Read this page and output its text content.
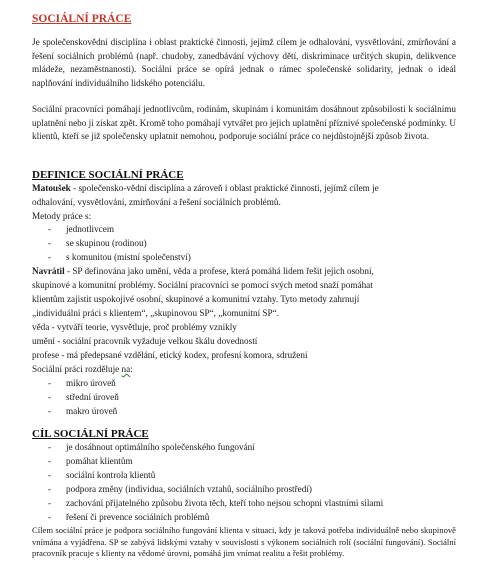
SOCIÁLNÍ PRÁCE

Je společenskovědní disciplína i oblast praktické činnosti, jejímž cílem je odhalování, vysvětlování, zmírňování a řešení sociálních problémů (např. chudoby, zanedbávání výchovy dětí, diskriminace určitých skupin, delikvence mládeže, nezaměstnanosti). Sociální práce se opírá jednak o rámec společenské solidarity, jednak o ideál naplňování individuálního lidského potenciálu.

Sociální pracovníci pomáhají jednotlivcům, rodinám, skupinám i komunitám dosáhnout způsobilosti k sociálnímu uplatnění nebo ji získat zpět. Kromě toho pomáhají vytvářet pro jejich uplatnění příznivé společenské podmínky. U klientů, kteří se již společensky uplatnit nemohou, podporuje sociální práce co nejdůstojnější způsob života.

DEFINICE SOCIÁLNÍ PRÁCE
Matoušek - společensko-vědní disciplína a zároveň i oblast praktické činnosti, jejímž cílem je
odhalování, vysvětlování, zmírňování a řešení sociálních problémů.
Metody práce s:
- jednotlivcem
- se skupinou (rodinou)
- s komunitou (místní společenství)
Navrátil - SP definována jako umění, věda a profese, která pomáhá lidem řešit jejich osobní,
skupinové a komunitní problémy. Sociální pracovníci se pomocí svých metod snaží pomáhat
klientům zajistit uspokojivé osobní, skupinové a komunitní vztahy. Tyto metody zahrnují
„individuální práci s klientem“, „skupinovou SP“, „komunitní SP“.
věda - vytváří teorie, vysvětluje, proč problémy vznikly
umění - sociální pracovník vyžaduje velkou škálu dovedností
profese - má předepsané vzdělání, etický kodex, profesní komora, sdružení
Sociální práci rozděluje na:
- mikro úroveň
- střední úroveň
- makro úroveň
CÍL SOCIÁLNÍ PRÁCE
- je dosáhnout optimálního společenského fungování
- pomáhat klientům
- sociální kontrola klientů
- podpora změny (individua, sociálních vztahů, sociálního prostředí)
- zachování přijatelného způsobu života těch, kteří toho nejsou schopni vlastními silami
- řešení či prevence sociálních problémů

Cílem sociální práce je podpora sociálního fungování klienta v situaci, kdy je taková potřeba individuálně nebo skupinově vnímána a vyjádřena. SP se zabývá lidskými vztahy v souvislosti s výkonem sociálních rolí (sociální fungování). Sociální pracovník pracuje s klienty na vědomé úrovni, pomáhá jim vnímat realitu a řešit problémy.
